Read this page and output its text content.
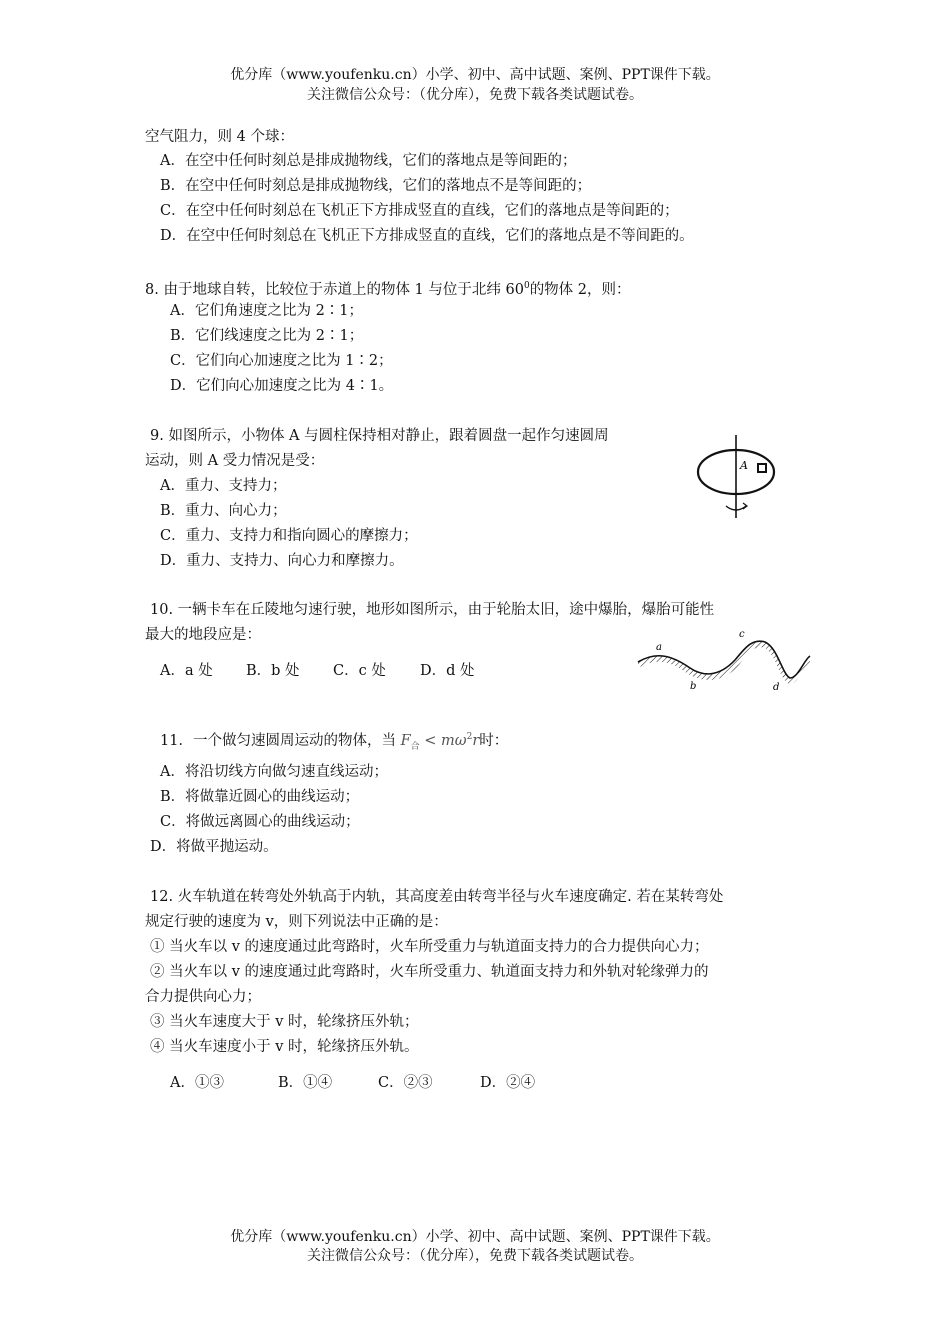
优分库（www.youfenku.cn）小学、初中、高中试题、案例、PPT课件下载。
关注微信公众号：（优分库），免费下载各类试题试卷。
空气阻力，则 4 个球：
A．在空中任何时刻总是排成抛物线，它们的落地点是等间距的；
B．在空中任何时刻总是排成抛物线，它们的落地点不是等间距的；
C．在空中任何时刻总在飞机正下方排成竖直的直线，它们的落地点是等间距的；
D．在空中任何时刻总在飞机正下方排成竖直的直线，它们的落地点是不等间距的。
8. 由于地球自转，比较位于赤道上的物体 1 与位于北纬 $60^0$的物体 2，则：
A．它们角速度之比为 2∶1；
B．它们线速度之比为 2∶1；
C．它们向心加速度之比为 1∶2；
D．它们向心加速度之比为 4∶1。
9. 如图所示，小物体 A 与圆柱保持相对静止，跟着圆盘一起作匀速圆周
运动，则 A 受力情况是受：
A．重力、支持力；
B．重力、向心力；
C．重力、支持力和指向圆心的摩擦力；
D．重力、支持力、向心力和摩擦力。
A
10. 一辆卡车在丘陵地匀速行驶，地形如图所示，由于轮胎太旧，途中爆胎，爆胎可能性
最大的地段应是：
A．a 处 B．b 处 C．c 处 D．d 处
a
b
c
d
11．一个做匀速圆周运动的物体，当 $F_合 < m\omega^2r$时：
A．将沿切线方向做匀速直线运动；
B．将做靠近圆心的曲线运动；
C．将做远离圆心的曲线运动；
D．将做平抛运动。
12. 火车轨道在转弯处外轨高于内轨，其高度差由转弯半径与火车速度确定. 若在某转弯处
规定行驶的速度为 v，则下列说法中正确的是：
① 当火车以 v 的速度通过此弯路时，火车所受重力与轨道面支持力的合力提供向心力；
② 当火车以 v 的速度通过此弯路时，火车所受重力、轨道面支持力和外轨对轮缘弹力的
合力提供向心力；
③ 当火车速度大于 v 时，轮缘挤压外轨；
④ 当火车速度小于 v 时，轮缘挤压外轨。
A．①③	B．①④	C．②③	D．②④
优分库（www.youfenku.cn）小学、初中、高中试题、案例、PPT课件下载。
关注微信公众号：（优分库），免费下载各类试题试卷。
